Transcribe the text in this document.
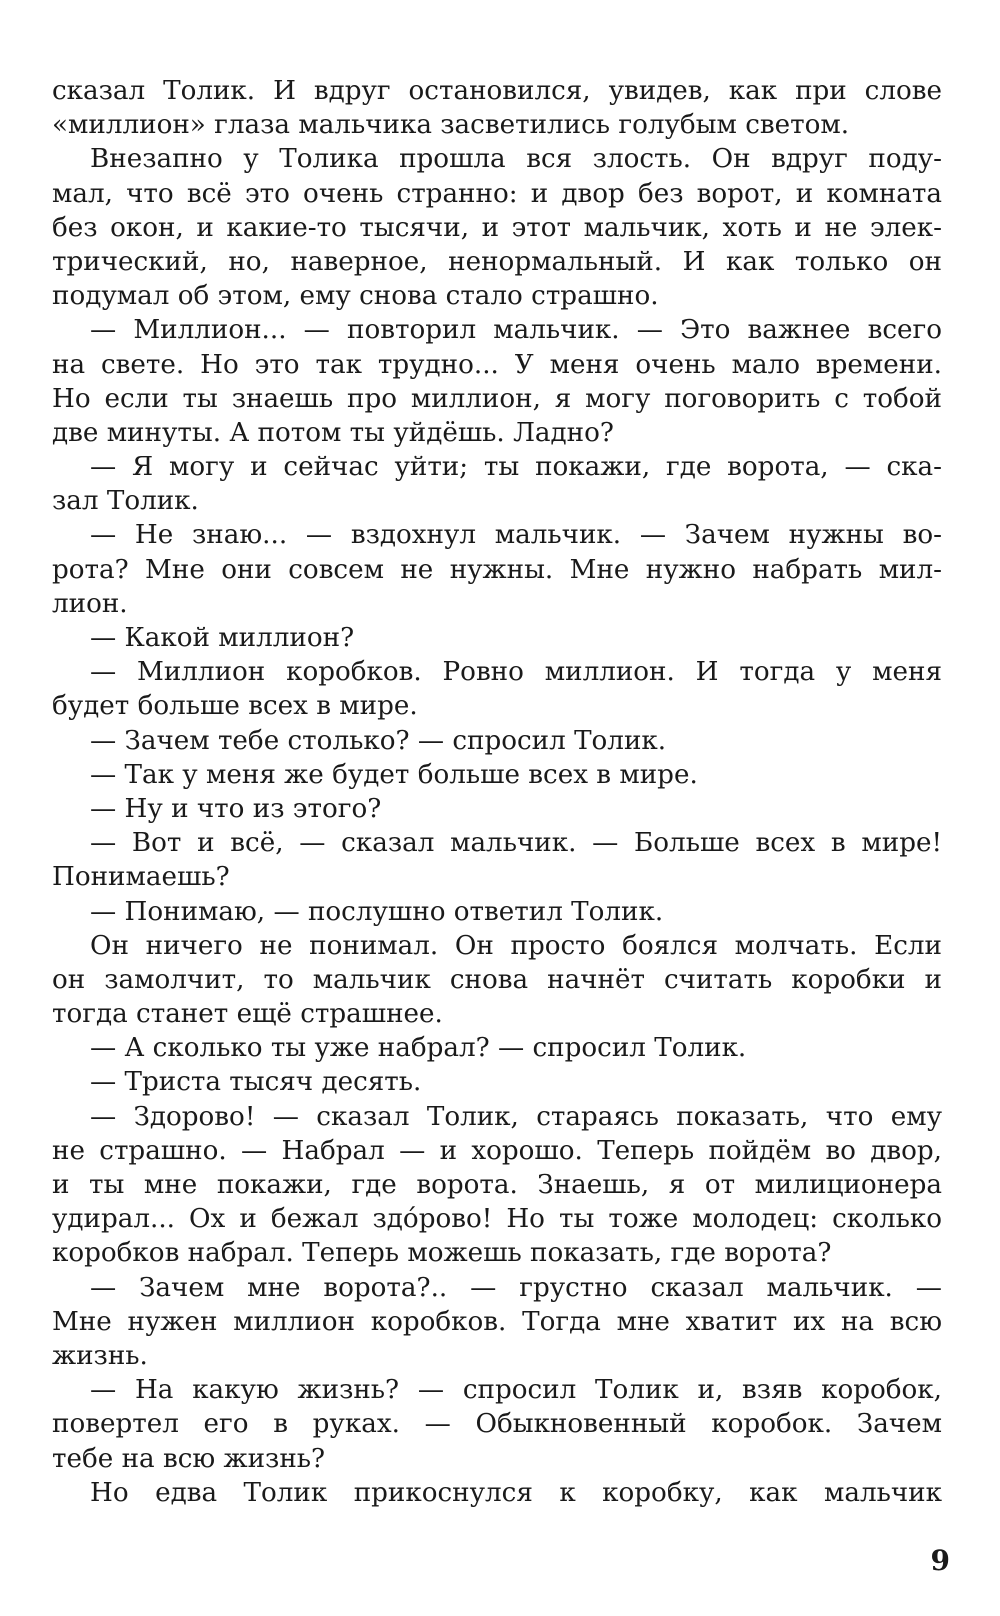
сказал Толик. И вдруг остановился, увидев, как при слове
«миллион» глаза мальчика засветились голубым светом.
Внезапно у Толика прошла вся злость. Он вдруг поду-
мал, что всё это очень странно: и двор без ворот, и комната
без окон, и какие-то тысячи, и этот мальчик, хоть и не элек-
трический, но, наверное, ненормальный. И как только он
подумал об этом, ему снова стало страшно.
— Миллион... — повторил мальчик. — Это важнее всего
на свете. Но это так трудно... У меня очень мало времени.
Но если ты знаешь про миллион, я могу поговорить с тобой
две минуты. А потом ты уйдёшь. Ладно?
— Я могу и сейчас уйти; ты покажи, где ворота, — ска-
зал Толик.
— Не знаю... — вздохнул мальчик. — Зачем нужны во-
рота? Мне они совсем не нужны. Мне нужно набрать мил-
лион.
— Какой миллион?
— Миллион коробков. Ровно миллион. И тогда у меня
будет больше всех в мире.
— Зачем тебе столько? — спросил Толик.
— Так у меня же будет больше всех в мире.
— Ну и что из этого?
— Вот и всё, — сказал мальчик. — Больше всех в мире!
Понимаешь?
— Понимаю, — послушно ответил Толик.
Он ничего не понимал. Он просто боялся молчать. Если
он замолчит, то мальчик снова начнёт считать коробки и
тогда станет ещё страшнее.
— А сколько ты уже набрал? — спросил Толик.
— Триста тысяч десять.
— Здорово! — сказал Толик, стараясь показать, что ему
не страшно. — Набрал — и хорошо. Теперь пойдём во двор,
и ты мне покажи, где ворота. Знаешь, я от милиционера
удирал... Ох и бежал здо́рово! Но ты тоже молодец: сколько
коробков набрал. Теперь можешь показать, где ворота?
— Зачем мне ворота?.. — грустно сказал мальчик. —
Мне нужен миллион коробков. Тогда мне хватит их на всю
жизнь.
— На какую жизнь? — спросил Толик и, взяв коробок,
повертел его в руках. — Обыкновенный коробок. Зачем
тебе на всю жизнь?
Но едва Толик прикоснулся к коробку, как мальчик
9
